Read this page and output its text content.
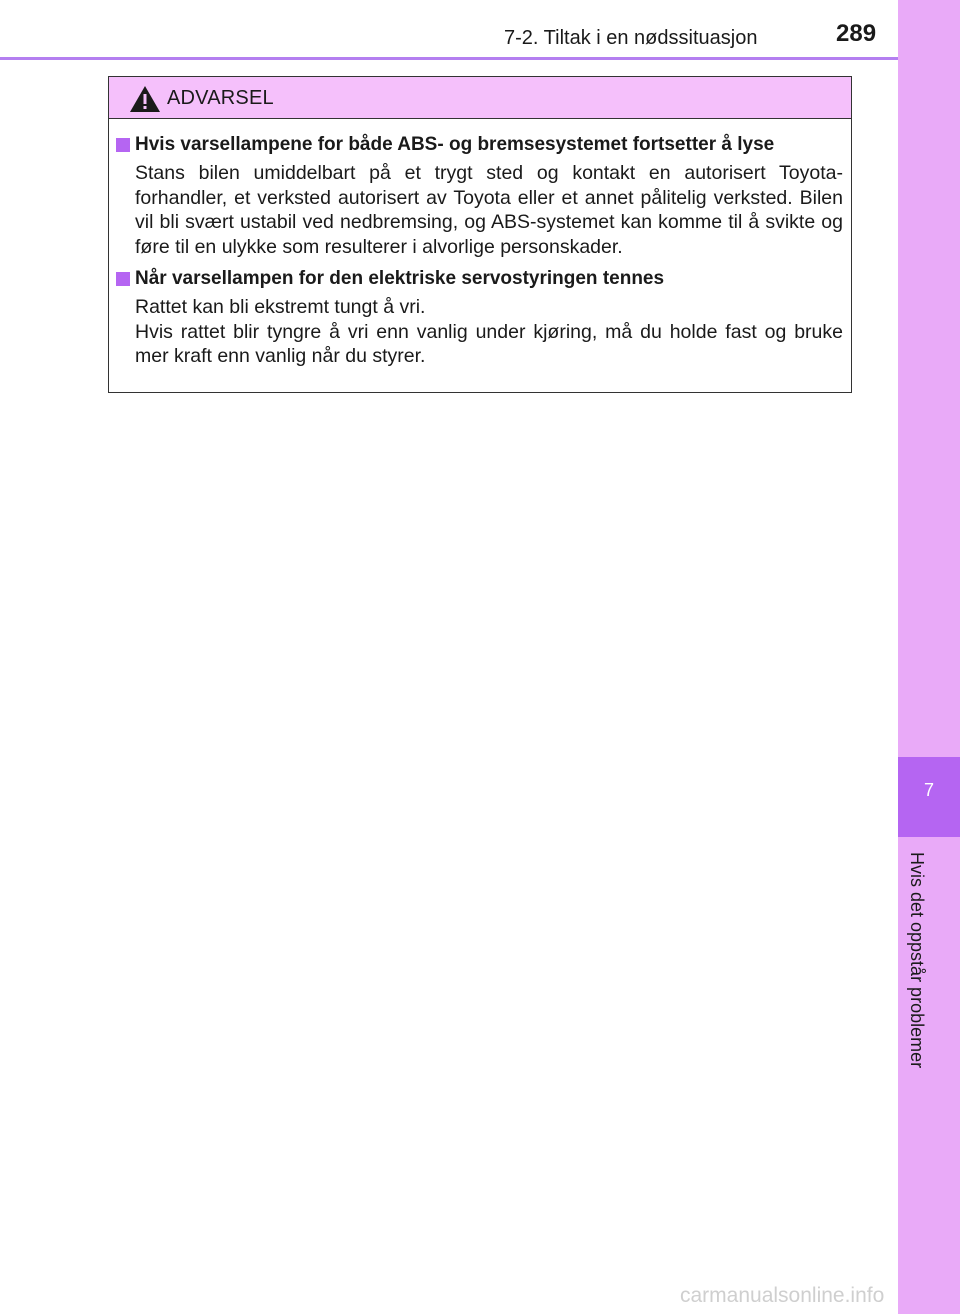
7-2. Tiltak i en nødssituasjon	289
7
Hvis det oppstår problemer
ADVARSEL
Hvis varsellampene for både ABS- og bremsesystemet fortsetter å lyse

Stans bilen umiddelbart på et trygt sted og kontakt en autorisert Toyota-forhandler, et verksted autorisert av Toyota eller et annet pålitelig verksted. Bilen vil bli svært ustabil ved nedbremsing, og ABS-systemet kan komme til å svikte og føre til en ulykke som resulterer i alvorlige personskader.

Når varsellampen for den elektriske servostyringen tennes

Rattet kan bli ekstremt tungt å vri.

Hvis rattet blir tyngre å vri enn vanlig under kjøring, må du holde fast og bruke mer kraft enn vanlig når du styrer.

carmanualsonline.info
